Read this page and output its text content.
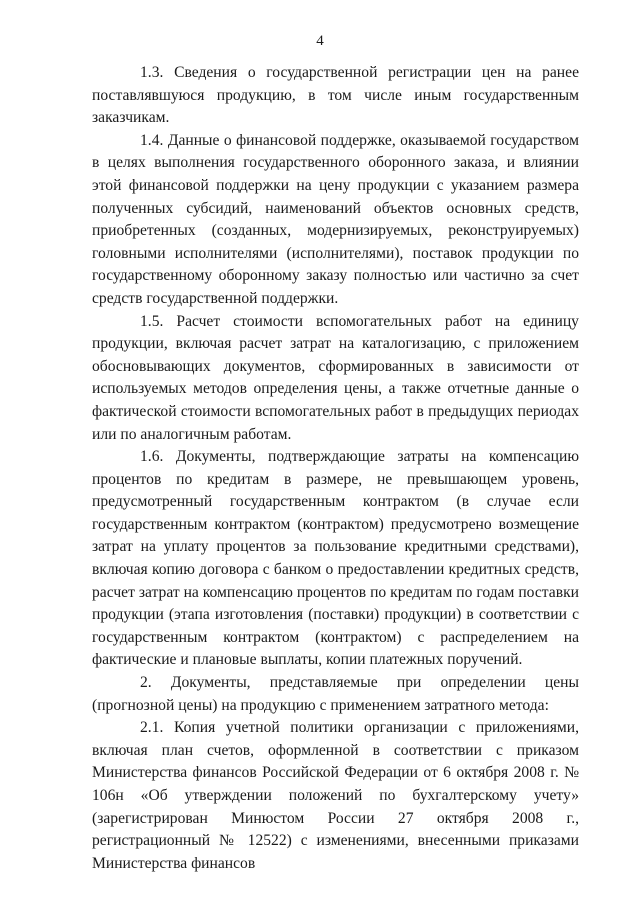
4

1.3. Сведения о государственной регистрации цен на ранее поставлявшуюся продукцию, в том числе иным государственным заказчикам.

1.4. Данные о финансовой поддержке, оказываемой государством в целях выполнения государственного оборонного заказа, и влиянии этой финансовой поддержки на цену продукции с указанием размера полученных субсидий, наименований объектов основных средств, приобретенных (созданных, модернизируемых, реконструируемых) головными исполнителями (исполнителями), поставок продукции по государственному оборонному заказу полностью или частично за счет средств государственной поддержки.

1.5. Расчет стоимости вспомогательных работ на единицу продукции, включая расчет затрат на каталогизацию, с приложением обосновывающих документов, сформированных в зависимости от используемых методов определения цены, а также отчетные данные о фактической стоимости вспомогательных работ в предыдущих периодах или по аналогичным работам.

1.6. Документы, подтверждающие затраты на компенсацию процентов по кредитам в размере, не превышающем уровень, предусмотренный государственным контрактом (в случае если государственным контрактом (контрактом) предусмотрено возмещение затрат на уплату процентов за пользование кредитными средствами), включая копию договора с банком о предоставлении кредитных средств, расчет затрат на компенсацию процентов по кредитам по годам поставки продукции (этапа изготовления (поставки) продукции) в соответствии с государственным контрактом (контрактом) с распределением на фактические и плановые выплаты, копии платежных поручений.

2. Документы, представляемые при определении цены (прогнозной цены) на продукцию с применением затратного метода:

2.1. Копия учетной политики организации с приложениями, включая план счетов, оформленной в соответствии с приказом Министерства финансов Российской Федерации от 6 октября 2008 г. № 106н «Об утверждении положений по бухгалтерскому учету» (зарегистрирован Минюстом России 27 октября 2008 г., регистрационный № 12522) с изменениями, внесенными приказами Министерства финансов
